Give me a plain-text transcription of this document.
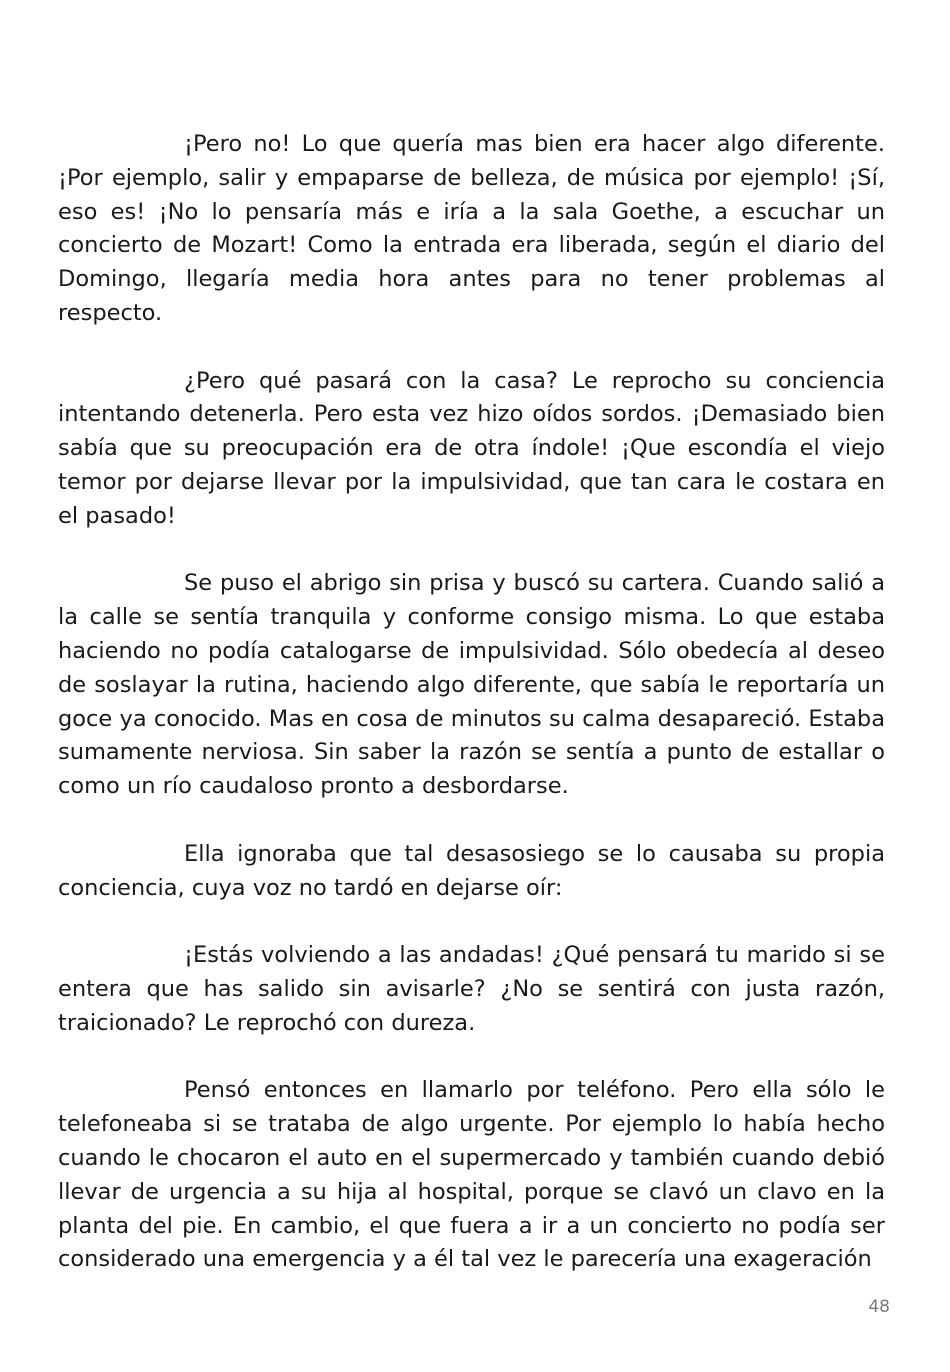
¡Pero no! Lo que quería mas bien era hacer algo diferente. ¡Por ejemplo, salir y empaparse de belleza, de música por ejemplo! ¡Sí, eso es! ¡No lo pensaría más e iría a la sala Goethe, a escuchar un concierto de Mozart! Como la entrada era liberada, según el diario del Domingo, llegaría media hora antes para no tener problemas al respecto.

¿Pero qué pasará con la casa? Le reprocho su conciencia intentando detenerla. Pero esta vez hizo oídos sordos. ¡Demasiado bien sabía que su preocupación era de otra índole! ¡Que escondía el viejo temor por dejarse llevar por la impulsividad, que tan cara le costara en el pasado!

Se puso el abrigo sin prisa y buscó su cartera. Cuando salió a la calle se sentía tranquila y conforme consigo misma. Lo que estaba haciendo no podía catalogarse de impulsividad. Sólo obedecía al deseo de soslayar la rutina, haciendo algo diferente, que sabía le reportaría un goce ya conocido. Mas en cosa de minutos su calma desapareció. Estaba sumamente nerviosa. Sin saber la razón se sentía a punto de estallar o como un río caudaloso pronto a desbordarse.

Ella ignoraba que tal desasosiego se lo causaba su propia conciencia, cuya voz no tardó en dejarse oír:

¡Estás volviendo a las andadas! ¿Qué pensará tu marido si se entera que has salido sin avisarle? ¿No se sentirá con justa razón, traicionado? Le reprochó con dureza.

Pensó entonces en llamarlo por teléfono. Pero ella sólo le telefoneaba si se trataba de algo urgente. Por ejemplo lo había hecho cuando le chocaron el auto en el supermercado y también cuando debió llevar de urgencia a su hija al hospital, porque se clavó un clavo en la planta del pie. En cambio, el que fuera a ir a un concierto no podía ser considerado una emergencia y a él tal vez le parecería una exageración

48
